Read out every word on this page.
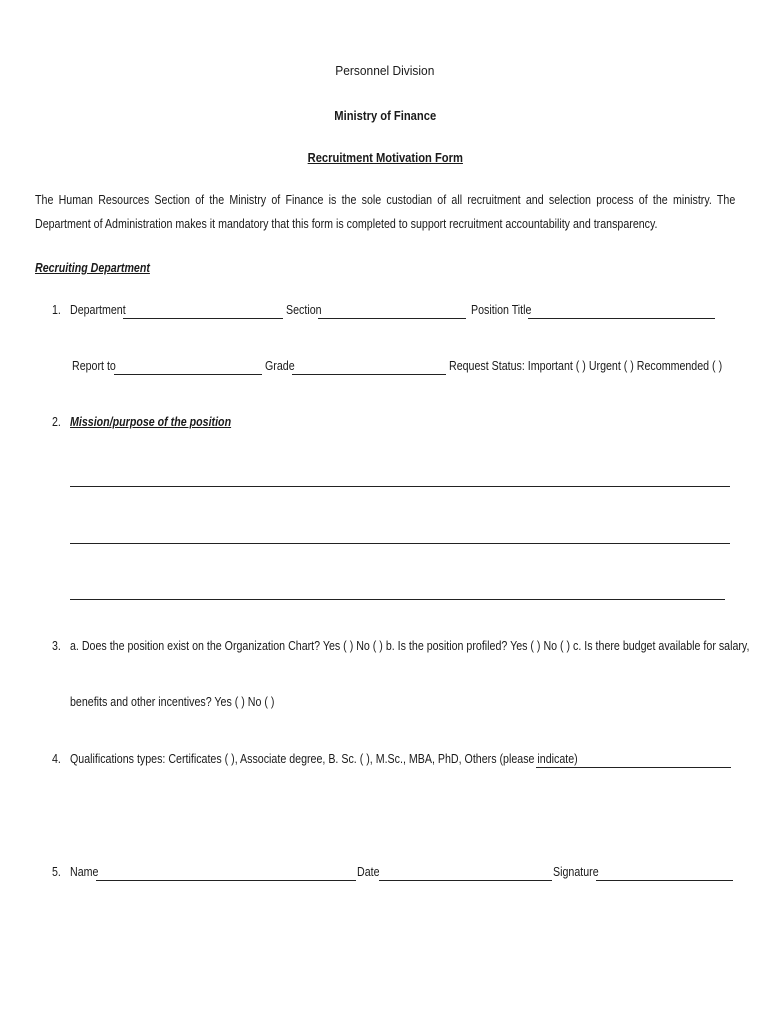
Personnel Division
Ministry of Finance
Recruitment Motivation Form
The Human Resources Section of the Ministry of Finance is the sole custodian of all recruitment and selection process of the ministry. The Department of Administration makes it mandatory that this form is completed to support recruitment accountability and transparency.
Recruiting Department
1. Department	Section	Position Title
Report to	Grade	Request Status: Important ( ) Urgent ( ) Recommended ( )
2. Mission/purpose of the position
3. a. Does the position exist on the Organization Chart? Yes ( ) No ( ) b. Is the position profiled? Yes ( ) No ( ) c. Is there budget available for salary,
benefits and other incentives? Yes ( ) No ( )
4. Qualifications types: Certificates ( ), Associate degree, B. Sc. ( ), M.Sc., MBA, PhD, Others (please indicate)
5. Name	Date	Signature
